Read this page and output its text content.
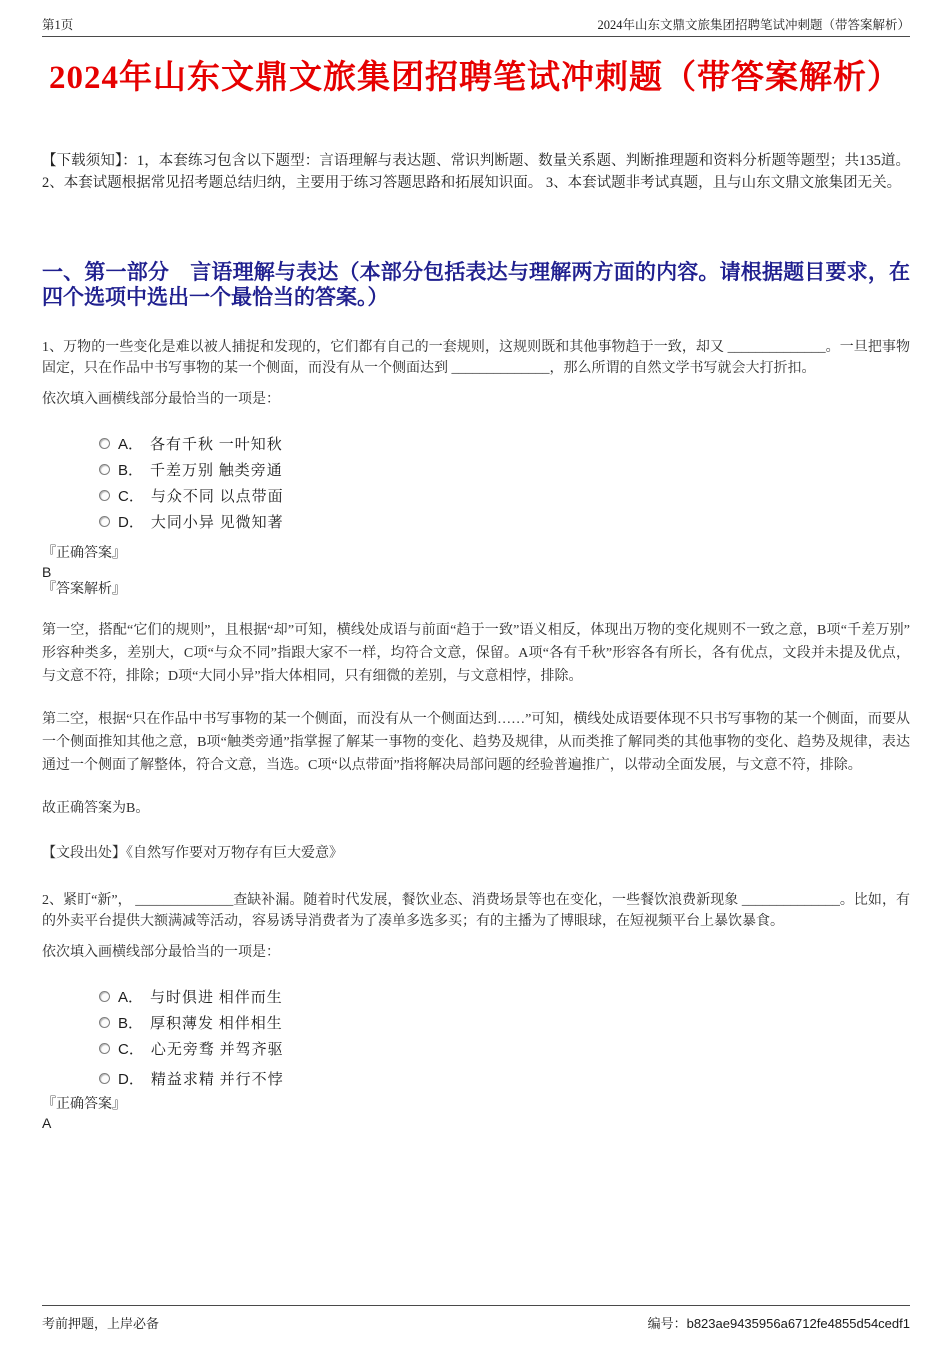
第1页	2024年山东文鼎文旅集团招聘笔试冲刺题（带答案解析）
2024年山东文鼎文旅集团招聘笔试冲刺题（带答案解析）

【下载须知】：1，本套练习包含以下题型：言语理解与表达题、常识判断题、数量关系题、判断推理题和资料分析题等题型；共135道。 2、本套试题根据常见招考题总结归纳，主要用于练习答题思路和拓展知识面。 3、本套试题非考试真题，且与山东文鼎文旅集团无关。

一、第一部分　言语理解与表达（本部分包括表达与理解两方面的内容。请根据题目要求，在四个选项中选出一个最恰当的答案。）

1、万物的一些变化是难以被人捕捉和发现的，它们都有自己的一套规则，这规则既和其他事物趋于一致，却又 ______________。一旦把事物固定，只在作品中书写事物的某一个侧面，而没有从一个侧面达到 ______________，那么所谓的自然文学书写就会大打折扣。

依次填入画横线部分最恰当的一项是：

A． 各有千秋 一叶知秋
B． 千差万别 触类旁通
C． 与众不同 以点带面
D． 大同小异 见微知著

『正确答案』

B

『答案解析』

第一空，搭配“它们的规则”，且根据“却”可知，横线处成语与前面“趋于一致”语义相反，体现出万物的变化规则不一致之意，B项“千差万别”形容种类多，差别大，C项“与众不同”指跟大家不一样，均符合文意，保留。A项“各有千秋”形容各有所长，各有优点，文段并未提及优点，与文意不符，排除；D项“大同小异”指大体相同，只有细微的差别，与文意相悖，排除。

第二空，根据“只在作品中书写事物的某一个侧面，而没有从一个侧面达到……”可知，横线处成语要体现不只书写事物的某一个侧面，而要从一个侧面推知其他之意，B项“触类旁通”指掌握了解某一事物的变化、趋势及规律，从而类推了解同类的其他事物的变化、趋势及规律，表达通过一个侧面了解整体，符合文意，当选。C项“以点带面”指将解决局部问题的经验普遍推广，以带动全面发展，与文意不符，排除。

故正确答案为B。

【文段出处】《自然写作要对万物存有巨大爱意》

2、紧盯“新”， ______________查缺补漏。随着时代发展，餐饮业态、消费场景等也在变化，一些餐饮浪费新现象 ______________。比如，有的外卖平台提供大额满减等活动，容易诱导消费者为了凑单多选多买；有的主播为了博眼球，在短视频平台上暴饮暴食。

依次填入画横线部分最恰当的一项是：

A． 与时俱进 相伴而生
B． 厚积薄发 相伴相生
C． 心无旁骛 并驾齐驱
D． 精益求精 并行不悖

『正确答案』

A

考前押题，上岸必备	编号：b823ae9435956a6712fe4855d54cedf1
